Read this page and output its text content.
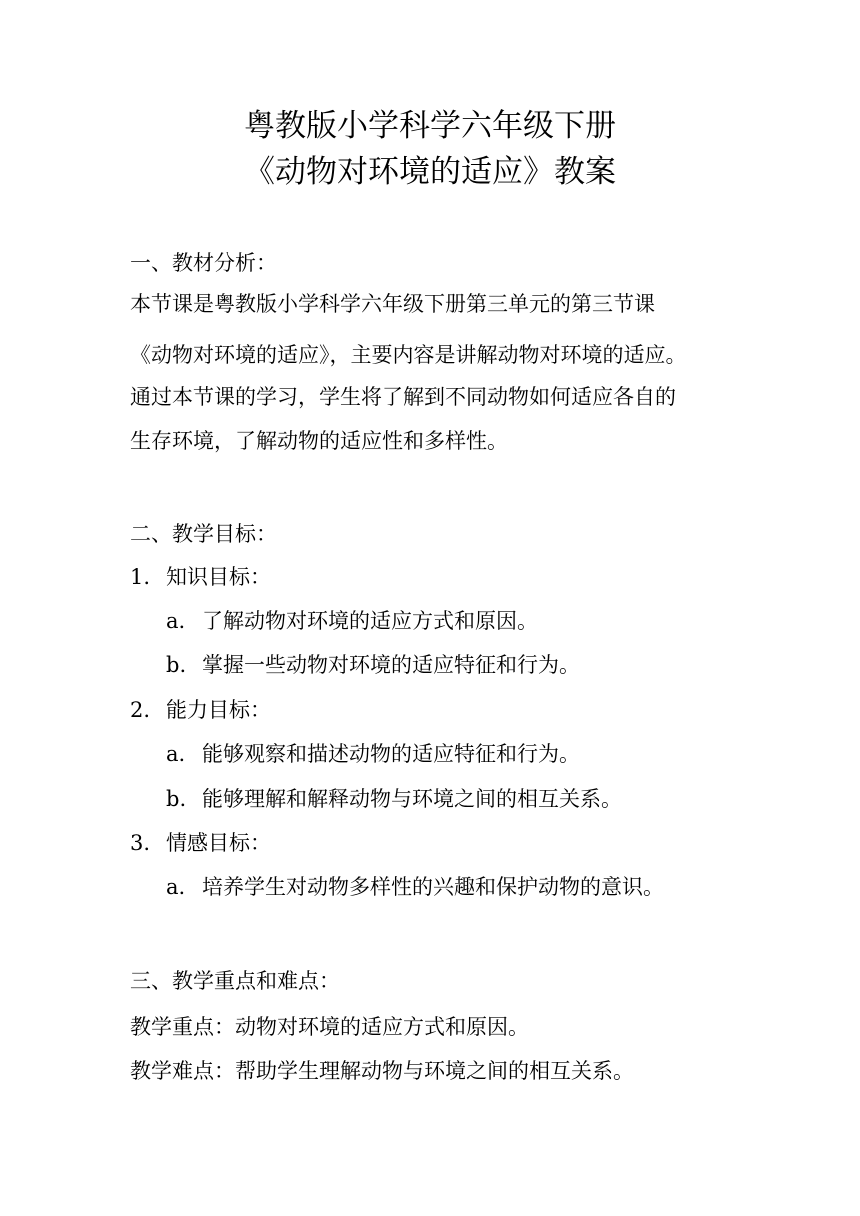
粤教版小学科学六年级下册
《动物对环境的适应》教案
一、教材分析：
本节课是粤教版小学科学六年级下册第三单元的第三节课
《动物对环境的适应》，主要内容是讲解动物对环境的适应。
通过本节课的学习，学生将了解到不同动物如何适应各自的
生存环境，了解动物的适应性和多样性。
二、教学目标：
1. 知识目标：
a. 了解动物对环境的适应方式和原因。
b. 掌握一些动物对环境的适应特征和行为。
2. 能力目标：
a. 能够观察和描述动物的适应特征和行为。
b. 能够理解和解释动物与环境之间的相互关系。
3. 情感目标：
a. 培养学生对动物多样性的兴趣和保护动物的意识。
三、教学重点和难点：
教学重点：动物对环境的适应方式和原因。
教学难点：帮助学生理解动物与环境之间的相互关系。
